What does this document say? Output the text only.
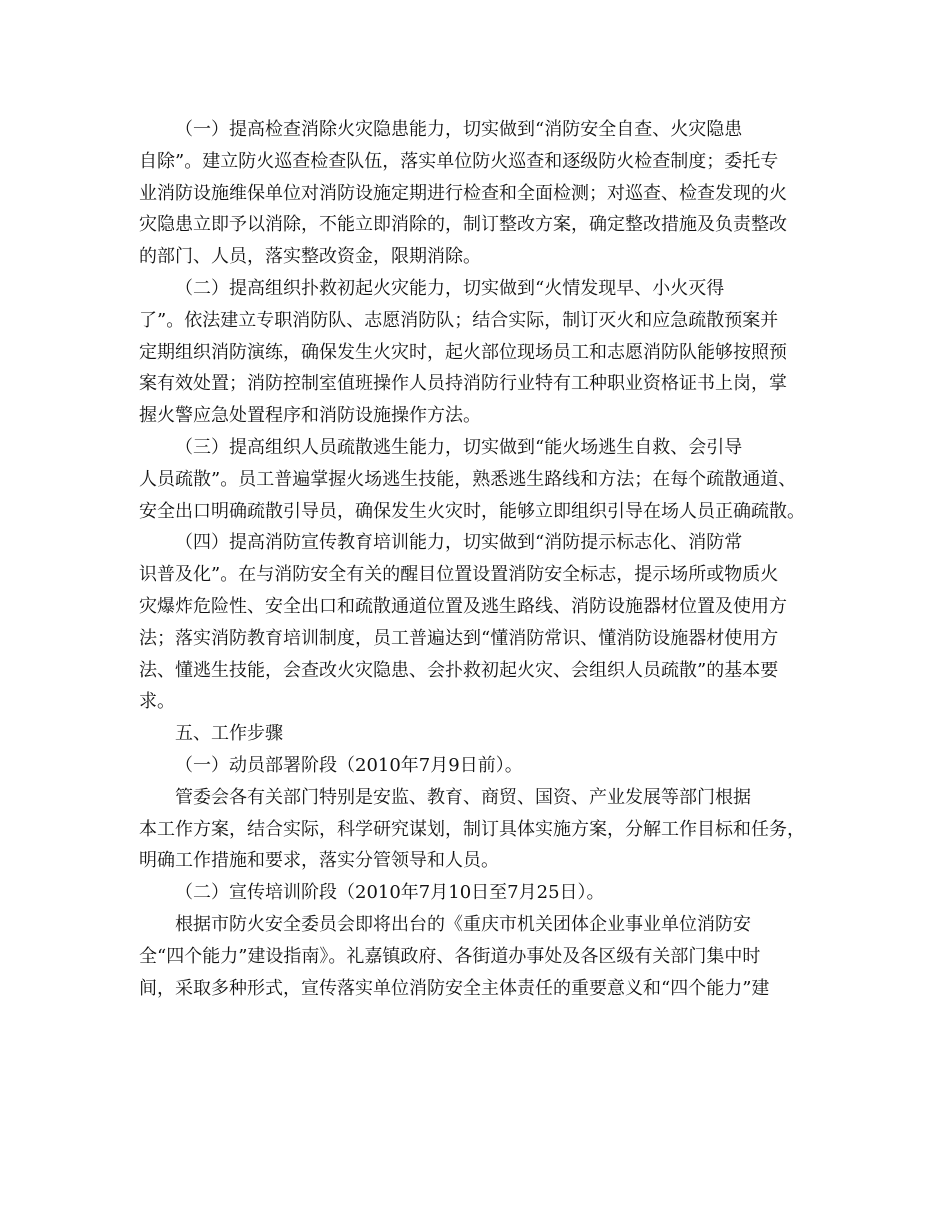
（一）提高检查消除火灾隐患能力，切实做到“消防安全自查、火灾隐患
自除”。建立防火巡查检查队伍，落实单位防火巡查和逐级防火检查制度；委托专
业消防设施维保单位对消防设施定期进行检查和全面检测；对巡查、检查发现的火
灾隐患立即予以消除，不能立即消除的，制订整改方案，确定整改措施及负责整改
的部门、人员，落实整改资金，限期消除。

（二）提高组织扑救初起火灾能力，切实做到“火情发现早、小火灭得
了”。依法建立专职消防队、志愿消防队；结合实际，制订灭火和应急疏散预案并
定期组织消防演练，确保发生火灾时，起火部位现场员工和志愿消防队能够按照预
案有效处置；消防控制室值班操作人员持消防行业特有工种职业资格证书上岗，掌
握火警应急处置程序和消防设施操作方法。

（三）提高组织人员疏散逃生能力，切实做到“能火场逃生自救、会引导
人员疏散”。员工普遍掌握火场逃生技能，熟悉逃生路线和方法；在每个疏散通道、
安全出口明确疏散引导员，确保发生火灾时，能够立即组织引导在场人员正确疏散。

（四）提高消防宣传教育培训能力，切实做到“消防提示标志化、消防常
识普及化”。在与消防安全有关的醒目位置设置消防安全标志，提示场所或物质火
灾爆炸危险性、安全出口和疏散通道位置及逃生路线、消防设施器材位置及使用方
法；落实消防教育培训制度，员工普遍达到“懂消防常识、懂消防设施器材使用方
法、懂逃生技能，会查改火灾隐患、会扑救初起火灾、会组织人员疏散”的基本要
求。

五、工作步骤

（一）动员部署阶段（2010年7月9日前）。

管委会各有关部门特别是安监、教育、商贸、国资、产业发展等部门根据
本工作方案，结合实际，科学研究谋划，制订具体实施方案，分解工作目标和任务，
明确工作措施和要求，落实分管领导和人员。

（二）宣传培训阶段（2010年7月10日至7月25日）。

根据市防火安全委员会即将出台的《重庆市机关团体企业事业单位消防安
全“四个能力”建设指南》。礼嘉镇政府、各街道办事处及各区级有关部门集中时
间，采取多种形式，宣传落实单位消防安全主体责任的重要意义和“四个能力”建
